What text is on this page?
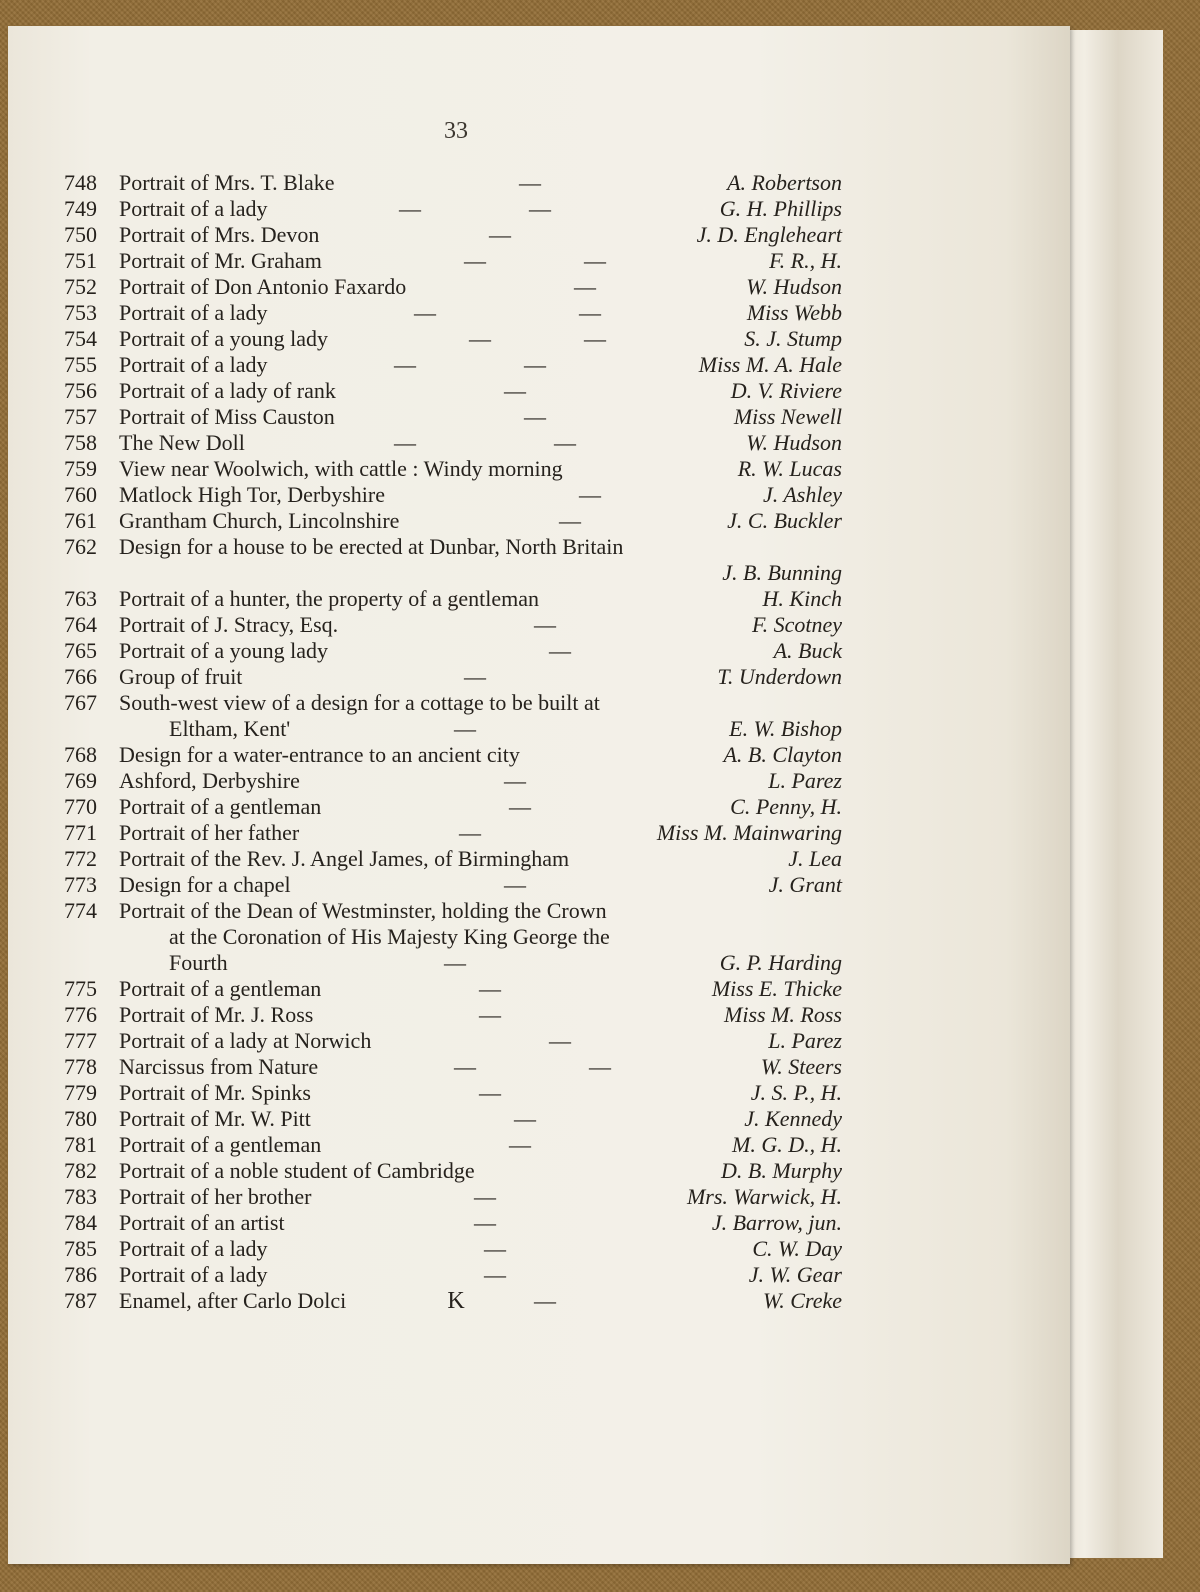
33
748	Portrait of Mrs. T. Blake	—	A. Robertson
749	Portrait of a lady	—	—	G. H. Phillips
750	Portrait of Mrs. Devon	—	J. D. Engleheart
751	Portrait of Mr. Graham	—	—	F. R., H.
752	Portrait of Don Antonio Faxardo	—	W. Hudson
753	Portrait of a lady	—	—	Miss Webb
754	Portrait of a young lady	—	—	S. J. Stump
755	Portrait of a lady	—	—	Miss M. A. Hale
756	Portrait of a lady of rank	—	D. V. Riviere
757	Portrait of Miss Causton	—	Miss Newell
758	The New Doll	—	—	W. Hudson
759	View near Woolwich, with cattle : Windy morning	R. W. Lucas
760	Matlock High Tor, Derbyshire	—	J. Ashley
761	Grantham Church, Lincolnshire	—	J. C. Buckler
762	Design for a house to be erected at Dunbar, North Britain
J. B. Bunning
763	Portrait of a hunter, the property of a gentleman	H. Kinch
764	Portrait of J. Stracy, Esq.	—	F. Scotney
765	Portrait of a young lady	—	A. Buck
766	Group of fruit	—	T. Underdown
767	South-west view of a design for a cottage to be built at
Eltham, Kent'	—	E. W. Bishop
768	Design for a water-entrance to an ancient city	A. B. Clayton
769	Ashford, Derbyshire	—	L. Parez
770	Portrait of a gentleman	—	C. Penny, H.
771	Portrait of her father	—	Miss M. Mainwaring
772	Portrait of the Rev. J. Angel James, of Birmingham	J. Lea
773	Design for a chapel	—	J. Grant
774	Portrait of the Dean of Westminster, holding the Crown
at the Coronation of His Majesty King George the
Fourth	—	G. P. Harding
775	Portrait of a gentleman	—	Miss E. Thicke
776	Portrait of Mr. J. Ross	—	Miss M. Ross
777	Portrait of a lady at Norwich	—	L. Parez
778	Narcissus from Nature	—	—	W. Steers
779	Portrait of Mr. Spinks	—	J. S. P., H.
780	Portrait of Mr. W. Pitt	—	J. Kennedy
781	Portrait of a gentleman	—	M. G. D., H.
782	Portrait of a noble student of Cambridge	D. B. Murphy
783	Portrait of her brother	—	Mrs. Warwick, H.
784	Portrait of an artist	—	J. Barrow, jun.
785	Portrait of a lady	—	C. W. Day
786	Portrait of a lady	—	J. W. Gear
787	Enamel, after Carlo Dolci	—	W. Creke
K
